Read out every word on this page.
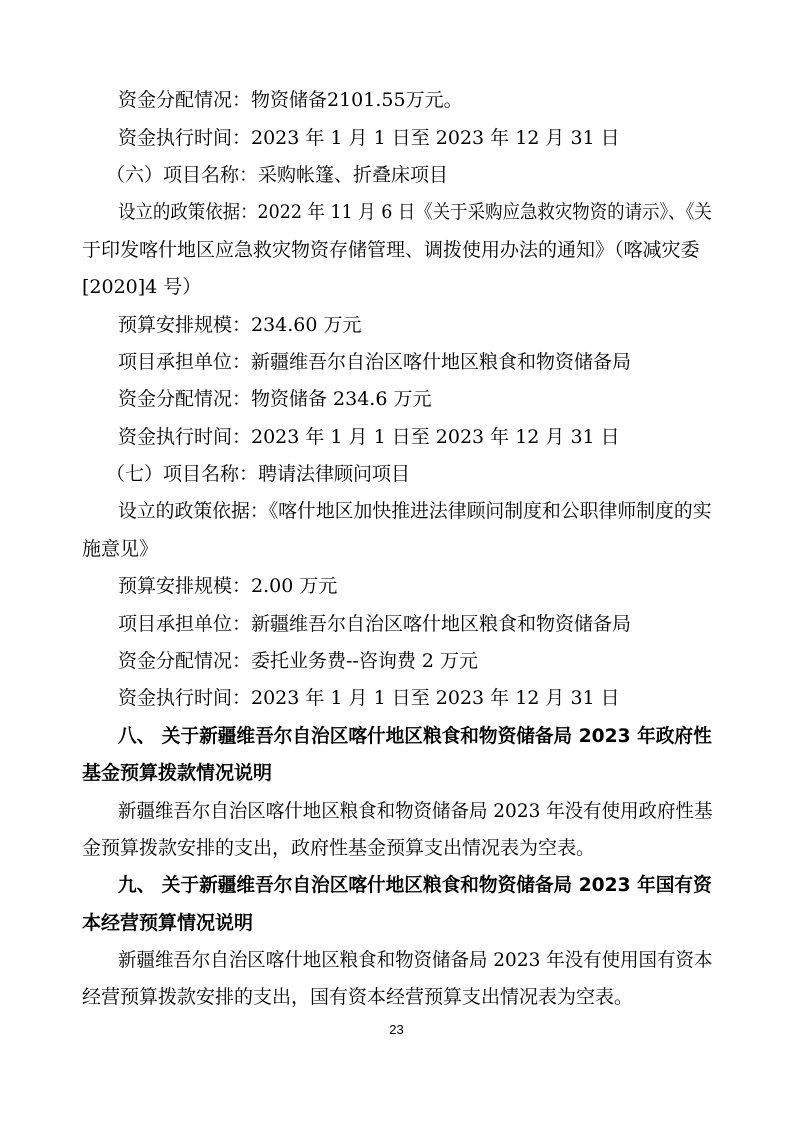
资金分配情况：物资储备2101.55万元。
资金执行时间：2023 年 1 月 1 日至 2023 年 12 月 31 日
（六）项目名称：采购帐篷、折叠床项目
设立的政策依据：2022 年 11 月 6 日《关于采购应急救灾物资的请示》、《关
于印发喀什地区应急救灾物资存储管理、调拨使用办法的通知》（喀减灾委
[2020]4 号）
预算安排规模：234.60 万元
项目承担单位：新疆维吾尔自治区喀什地区粮食和物资储备局
资金分配情况：物资储备 234.6 万元
资金执行时间：2023 年 1 月 1 日至 2023 年 12 月 31 日
（七）项目名称：聘请法律顾问项目
设立的政策依据：《喀什地区加快推进法律顾问制度和公职律师制度的实
施意见》
预算安排规模：2.00 万元
项目承担单位：新疆维吾尔自治区喀什地区粮食和物资储备局
资金分配情况：委托业务费--咨询费 2 万元
资金执行时间：2023 年 1 月 1 日至 2023 年 12 月 31 日
八、 关于新疆维吾尔自治区喀什地区粮食和物资储备局 2023 年政府性
基金预算拨款情况说明
新疆维吾尔自治区喀什地区粮食和物资储备局 2023 年没有使用政府性基
金预算拨款安排的支出，政府性基金预算支出情况表为空表。
九、 关于新疆维吾尔自治区喀什地区粮食和物资储备局 2023 年国有资
本经营预算情况说明
新疆维吾尔自治区喀什地区粮食和物资储备局 2023 年没有使用国有资本
经营预算拨款安排的支出，国有资本经营预算支出情况表为空表。
23
